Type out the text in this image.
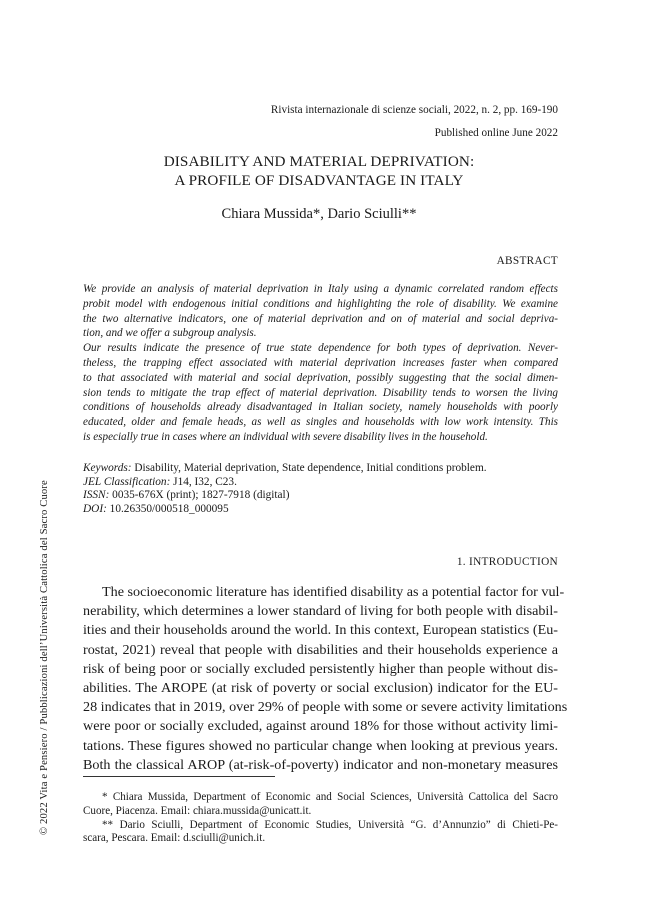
Rivista internazionale di scienze sociali, 2022, n. 2, pp. 169-190
Published online June 2022
DISABILITY AND MATERIAL DEPRIVATION:
A PROFILE OF DISADVANTAGE IN ITALY
Chiara Mussida*, Dario Sciulli**
ABSTRACT
We provide an analysis of material deprivation in Italy using a dynamic correlated random effects
probit model with endogenous initial conditions and highlighting the role of disability. We examine
the two alternative indicators, one of material deprivation and on of material and social depriva-
tion, and we offer a subgroup analysis.
Our results indicate the presence of true state dependence for both types of deprivation. Never-
theless, the trapping effect associated with material deprivation increases faster when compared
to that associated with material and social deprivation, possibly suggesting that the social dimen-
sion tends to mitigate the trap effect of material deprivation. Disability tends to worsen the living
conditions of households already disadvantaged in Italian society, namely households with poorly
educated, older and female heads, as well as singles and households with low work intensity. This
is especially true in cases where an individual with severe disability lives in the household.
Keywords: Disability, Material deprivation, State dependence, Initial conditions problem.
JEL Classification: J14, I32, C23.
ISSN: 0035-676X (print); 1827-7918 (digital)
DOI: 10.26350/000518_000095
1. INTRODUCTION
The socioeconomic literature has identified disability as a potential factor for vul-
nerability, which determines a lower standard of living for both people with disabil-
ities and their households around the world. In this context, European statistics (Eu-
rostat, 2021) reveal that people with disabilities and their households experience a
risk of being poor or socially excluded persistently higher than people without dis-
abilities. The AROPE (at risk of poverty or social exclusion) indicator for the EU-
28 indicates that in 2019, over 29% of people with some or severe activity limitations
were poor or socially excluded, against around 18% for those without activity limi-
tations. These figures showed no particular change when looking at previous years.
Both the classical AROP (at-risk-of-poverty) indicator and non-monetary measures
* Chiara Mussida, Department of Economic and Social Sciences, Università Cattolica del Sacro
Cuore, Piacenza. Email: chiara.mussida@unicatt.it.
** Dario Sciulli, Department of Economic Studies, Università “G. d’Annunzio” di Chieti-Pe-
scara, Pescara. Email: d.sciulli@unich.it.
© 2022 Vita e Pensiero / Pubblicazioni dell’Università Cattolica del Sacro Cuore
